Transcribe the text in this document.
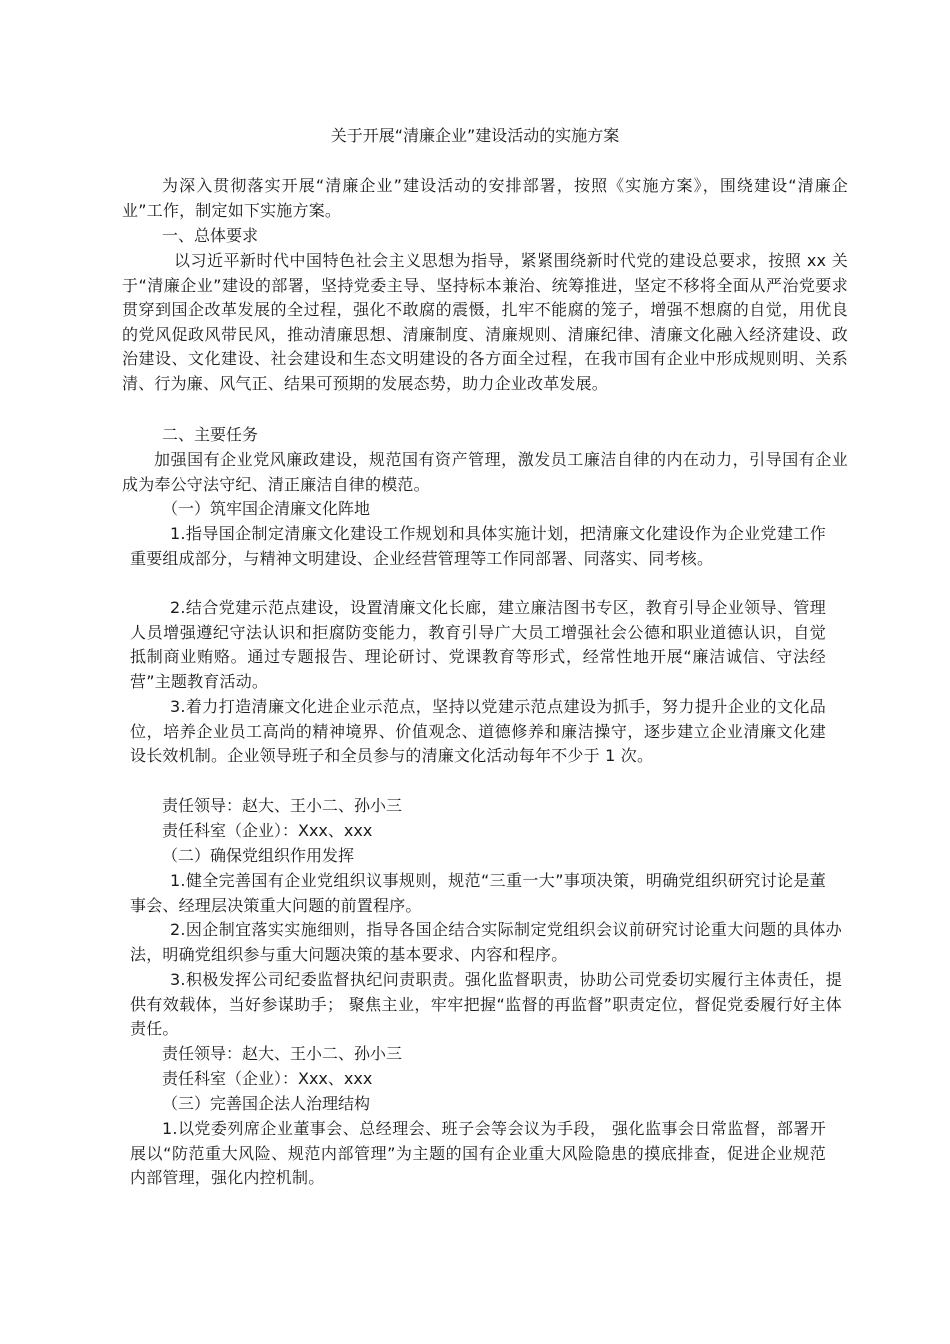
关于开展“清廉企业”建设活动的实施方案

为深入贯彻落实开展“清廉企业”建设活动的安排部署，按照《实施方案》，围绕建设“清廉企业”工作，制定如下实施方案。

一、总体要求

以习近平新时代中国特色社会主义思想为指导，紧紧围绕新时代党的建设总要求，按照 xx 关于“清廉企业”建设的部署，坚持党委主导、坚持标本兼治、统筹推进，坚定不移将全面从严治党要求贯穿到国企改革发展的全过程，强化不敢腐的震慑，扎牢不能腐的笼子，增强不想腐的自觉，用优良的党风促政风带民风，推动清廉思想、清廉制度、清廉规则、清廉纪律、清廉文化融入经济建设、政治建设、文化建设、社会建设和生态文明建设的各方面全过程，在我市国有企业中形成规则明、关系清、行为廉、风气正、结果可预期的发展态势，助力企业改革发展。

二、主要任务

加强国有企业党风廉政建设，规范国有资产管理，激发员工廉洁自律的内在动力，引导国有企业成为奉公守法守纪、清正廉洁自律的模范。

（一）筑牢国企清廉文化阵地

1.指导国企制定清廉文化建设工作规划和具体实施计划，把清廉文化建设作为企业党建工作重要组成部分，与精神文明建设、企业经营管理等工作同部署、同落实、同考核。

2.结合党建示范点建设，设置清廉文化长廊，建立廉洁图书专区，教育引导企业领导、管理人员增强遵纪守法认识和拒腐防变能力，教育引导广大员工增强社会公德和职业道德认识，自觉抵制商业贿赂。通过专题报告、理论研讨、党课教育等形式，经常性地开展“廉洁诚信、守法经营”主题教育活动。

3.着力打造清廉文化进企业示范点，坚持以党建示范点建设为抓手，努力提升企业的文化品位，培养企业员工高尚的精神境界、价值观念、道德修养和廉洁操守，逐步建立企业清廉文化建设长效机制。企业领导班子和全员参与的清廉文化活动每年不少于 1 次。

责任领导：赵大、王小二、孙小三

责任科室（企业）：Xxx、xxx

（二）确保党组织作用发挥

1.健全完善国有企业党组织议事规则，规范“三重一大”事项决策，明确党组织研究讨论是董事会、经理层决策重大问题的前置程序。

2.因企制宜落实实施细则，指导各国企结合实际制定党组织会议前研究讨论重大问题的具体办法，明确党组织参与重大问题决策的基本要求、内容和程序。

3.积极发挥公司纪委监督执纪问责职责。强化监督职责，协助公司党委切实履行主体责任，提供有效载体，当好参谋助手； 聚焦主业，牢牢把握“监督的再监督”职责定位，督促党委履行好主体责任。

责任领导：赵大、王小二、孙小三

责任科室（企业）：Xxx、xxx

（三）完善国企法人治理结构

1.以党委列席企业董事会、总经理会、班子会等会议为手段， 强化监事会日常监督，部署开展以“防范重大风险、规范内部管理”为主题的国有企业重大风险隐患的摸底排查，促进企业规范内部管理，强化内控机制。
